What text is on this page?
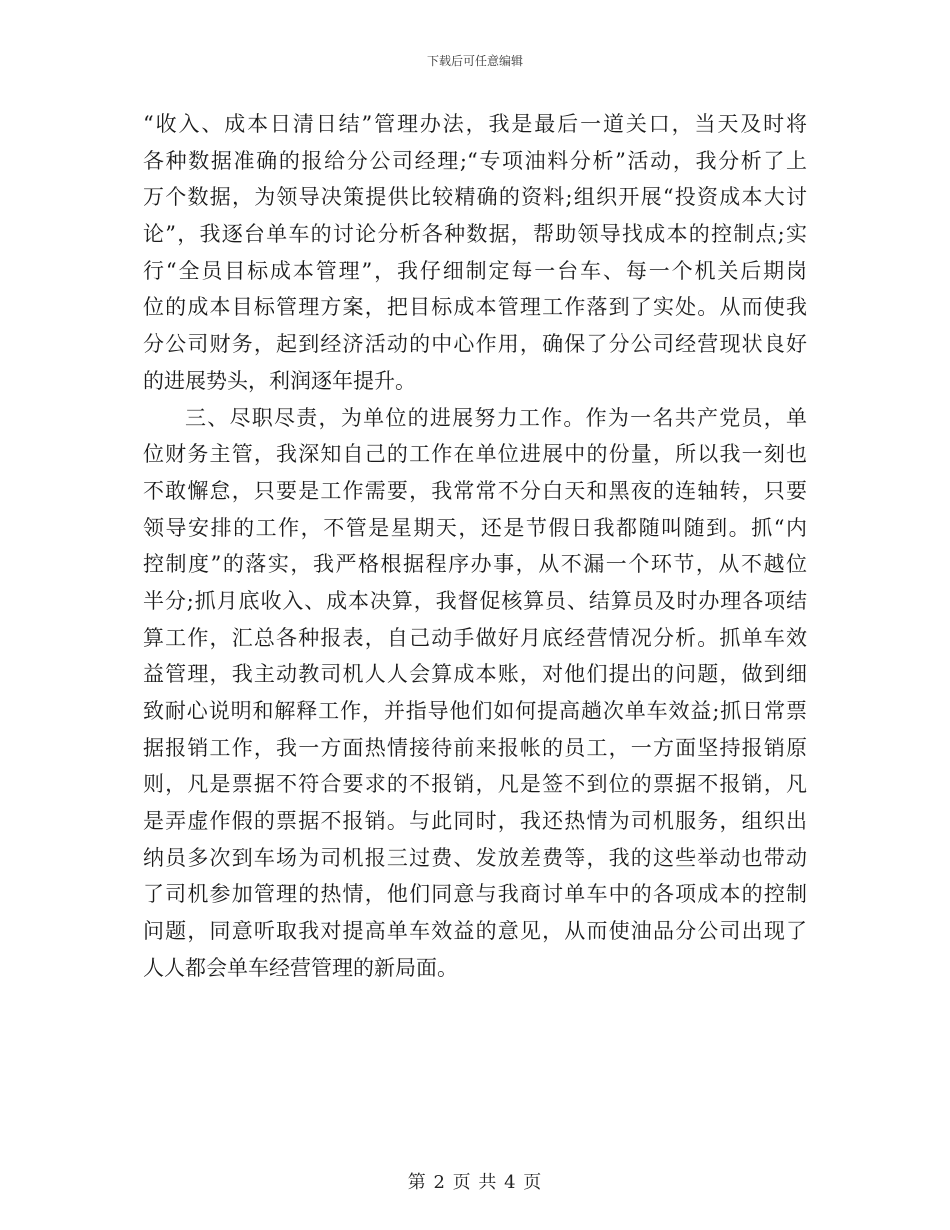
下载后可任意编辑
“收入、成本日清日结”管理办法，我是最后一道关口，当天及时将
各种数据准确的报给分公司经理;“专项油料分析”活动，我分析了上
万个数据，为领导决策提供比较精确的资料;组织开展“投资成本大讨
论”，我逐台单车的讨论分析各种数据，帮助领导找成本的控制点;实
行“全员目标成本管理”，我仔细制定每一台车、每一个机关后期岗
位的成本目标管理方案，把目标成本管理工作落到了实处。从而使我
分公司财务，起到经济活动的中心作用，确保了分公司经营现状良好
的进展势头，利润逐年提升。
三、尽职尽责，为单位的进展努力工作。作为一名共产党员，单
位财务主管，我深知自己的工作在单位进展中的份量，所以我一刻也
不敢懈怠，只要是工作需要，我常常不分白天和黑夜的连轴转，只要
领导安排的工作，不管是星期天，还是节假日我都随叫随到。抓“内
控制度”的落实，我严格根据程序办事，从不漏一个环节，从不越位
半分;抓月底收入、成本决算，我督促核算员、结算员及时办理各项结
算工作，汇总各种报表，自己动手做好月底经营情况分析。抓单车效
益管理，我主动教司机人人会算成本账，对他们提出的问题，做到细
致耐心说明和解释工作，并指导他们如何提高趟次单车效益;抓日常票
据报销工作，我一方面热情接待前来报帐的员工，一方面坚持报销原
则，凡是票据不符合要求的不报销，凡是签不到位的票据不报销，凡
是弄虚作假的票据不报销。与此同时，我还热情为司机服务，组织出
纳员多次到车场为司机报三过费、发放差费等，我的这些举动也带动
了司机参加管理的热情，他们同意与我商讨单车中的各项成本的控制
问题，同意听取我对提高单车效益的意见，从而使油品分公司出现了
人人都会单车经营管理的新局面。
第 2 页 共 4 页
